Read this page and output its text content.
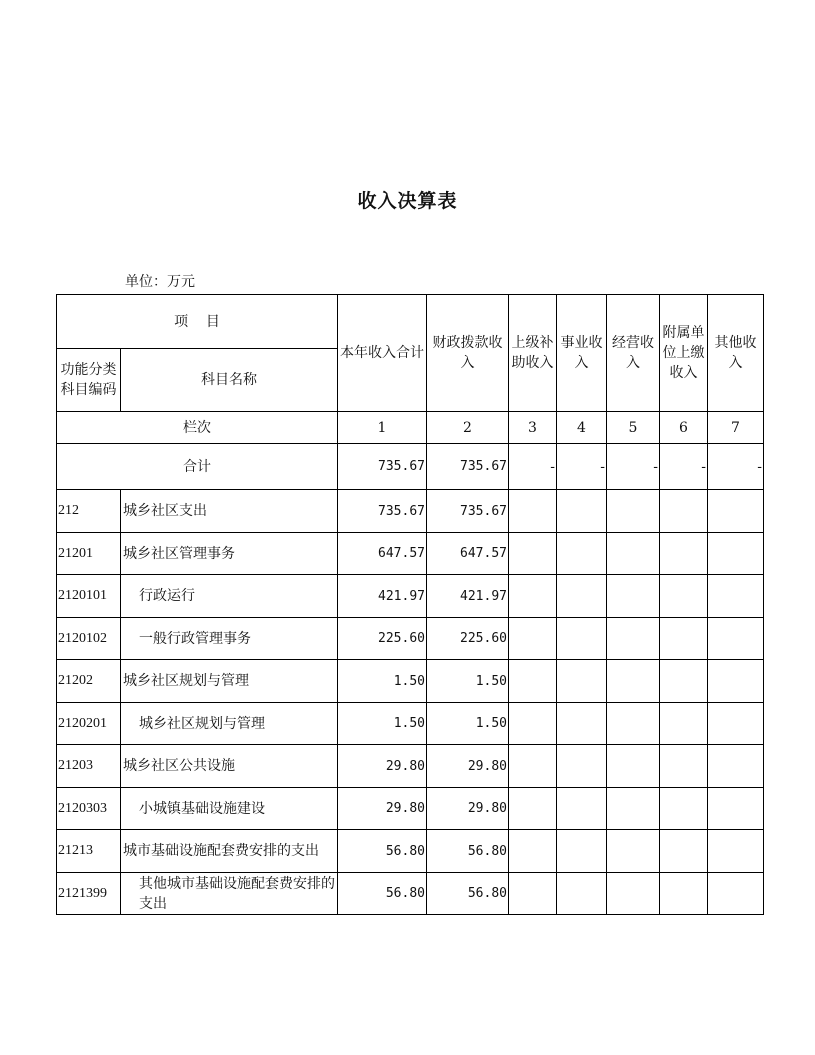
收入决算表
单位：万元
项    目		本年收入合计	财政拨款收入	上级补助收入	事业收入	经营收入	附属单位上缴收入	其他收入
功能分类科目编码	科目名称							
栏次		1	2	3	4	5	6	7
合计		735.67	735.67	-	-	-	-	-
212	城乡社区支出	735.67	735.67					
21201	城乡社区管理事务	647.57	647.57					
2120101	行政运行	421.97	421.97					
2120102	一般行政管理事务	225.60	225.60					
21202	城乡社区规划与管理	1.50	1.50					
2120201	城乡社区规划与管理	1.50	1.50					
21203	城乡社区公共设施	29.80	29.80					
2120303	小城镇基础设施建设	29.80	29.80					
21213	城市基础设施配套费安排的支出	56.80	56.80					
2121399	其他城市基础设施配套费安排的支出	56.80	56.80					
